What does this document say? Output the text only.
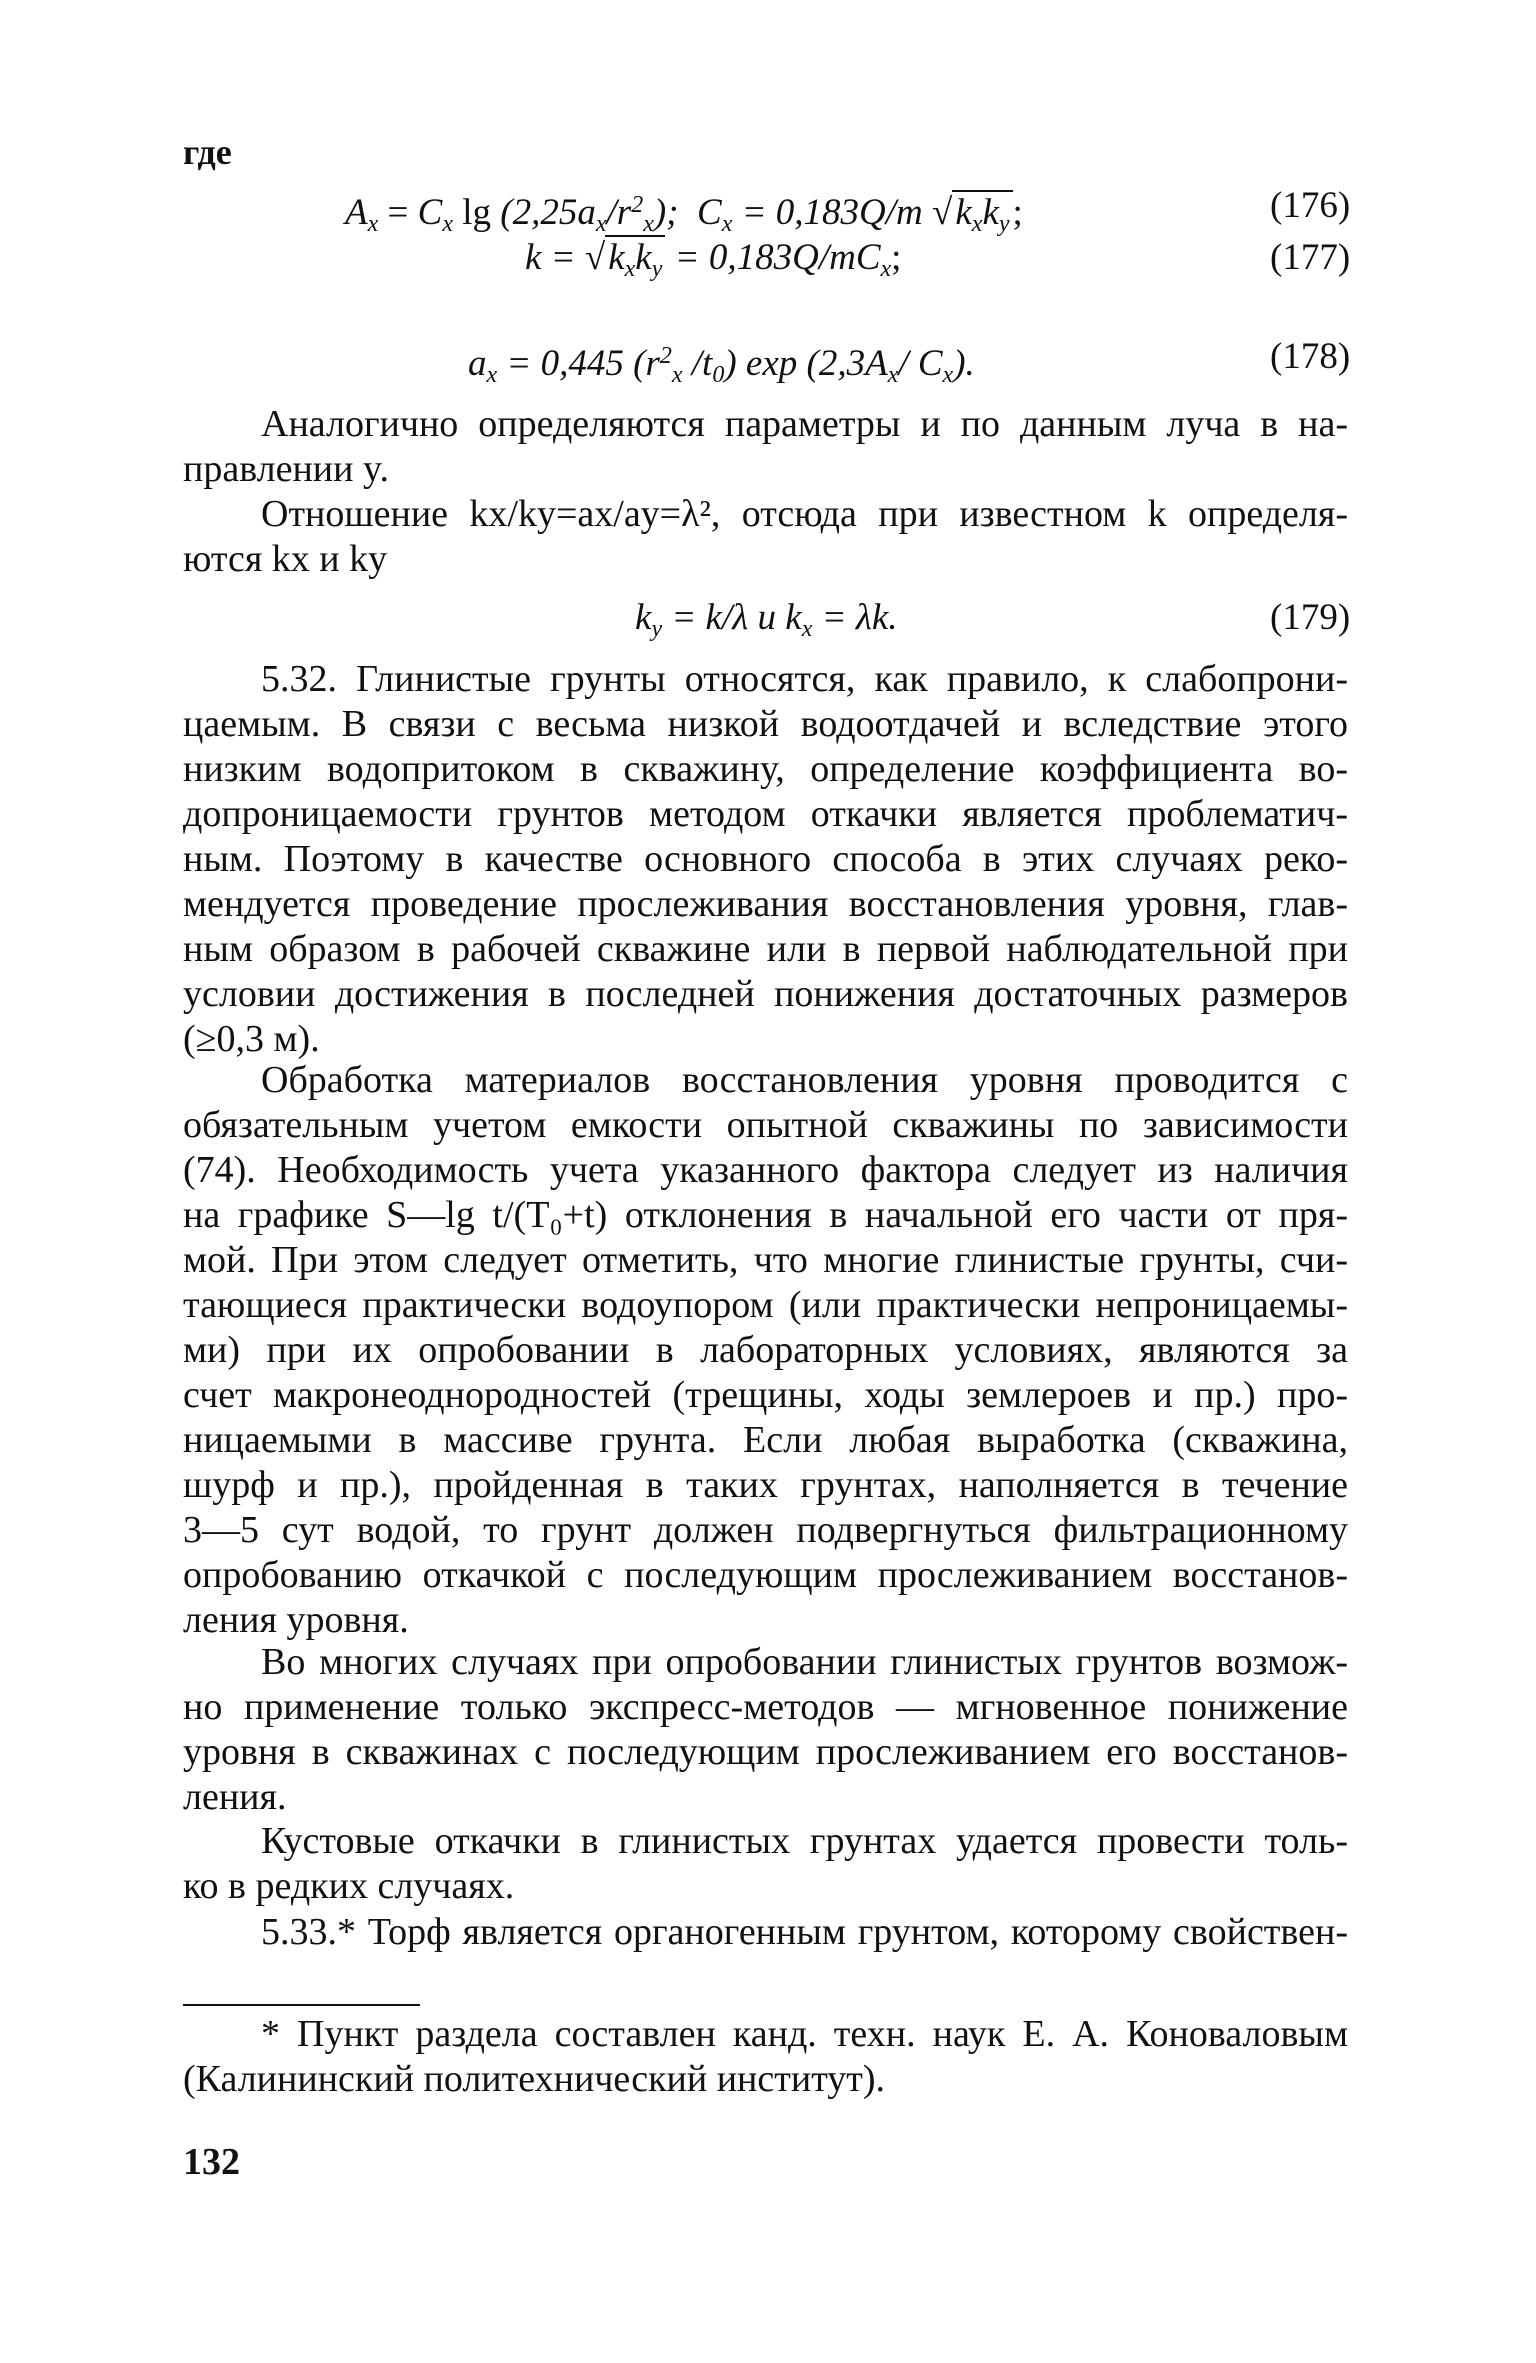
где
$A_x = C_x$ $\lg (2,25a_x/r^2_x)$; $C_x = 0,183Q/m$ $√k_xk_y$;	(176)
$k = √k_xk_y = 0,183Q/mC_x$;	(177)
$a_x = 0,445$ ($r^2_x$ $/t_0$) $\exp (2,3A_x/$ $C_x$).	(178)
Аналогично определяются параметры и по данным луча в на-
правлении y.
Отношение kx/ky=ax/ay=λ², отсюда при известном k определя-
ются kx и ky
$k_y = k/\lambda$ и $k_x = \lambda k$.	(179)
5.32. Глинистые грунты относятся, как правило, к слабопрони-
цаемым. В связи с весьма низкой водоотдачей и вследствие этого
низким водопритоком в скважину, определение коэффициента во-
допроницаемости грунтов методом откачки является проблематич-
ным. Поэтому в качестве основного способа в этих случаях реко-
мендуется проведение прослеживания восстановления уровня, глав-
ным образом в рабочей скважине или в первой наблюдательной при
условии достижения в последней понижения достаточных размеров
(≥0,3 м).
Обработка материалов восстановления уровня проводится с
обязательным учетом емкости опытной скважины по зависимости
(74). Необходимость учета указанного фактора следует из наличия
на графике S—lg t/(T₀+t) отклонения в начальной его части от пря-
мой. При этом следует отметить, что многие глинистые грунты, счи-
тающиеся практически водоупором (или практически непроницаемы-
ми) при их опробовании в лабораторных условиях, являются за
счет макронеоднородностей (трещины, ходы землероев и пр.) про-
ницаемыми в массиве грунта. Если любая выработка (скважина,
шурф и пр.), пройденная в таких грунтах, наполняется в течение
3—5 сут водой, то грунт должен подвергнуться фильтрационному
опробованию откачкой с последующим прослеживанием восстанов-
ления уровня.
Во многих случаях при опробовании глинистых грунтов возмож-
но применение только экспресс-методов — мгновенное понижение
уровня в скважинах с последующим прослеживанием его восстанов-
ления.
Кустовые откачки в глинистых грунтах удается провести толь-
ко в редких случаях.
5.33.* Торф является органогенным грунтом, которому свойствен-
* Пункт раздела составлен канд. техн. наук Е. А. Коноваловым
(Калининский политехнический институт).
132
